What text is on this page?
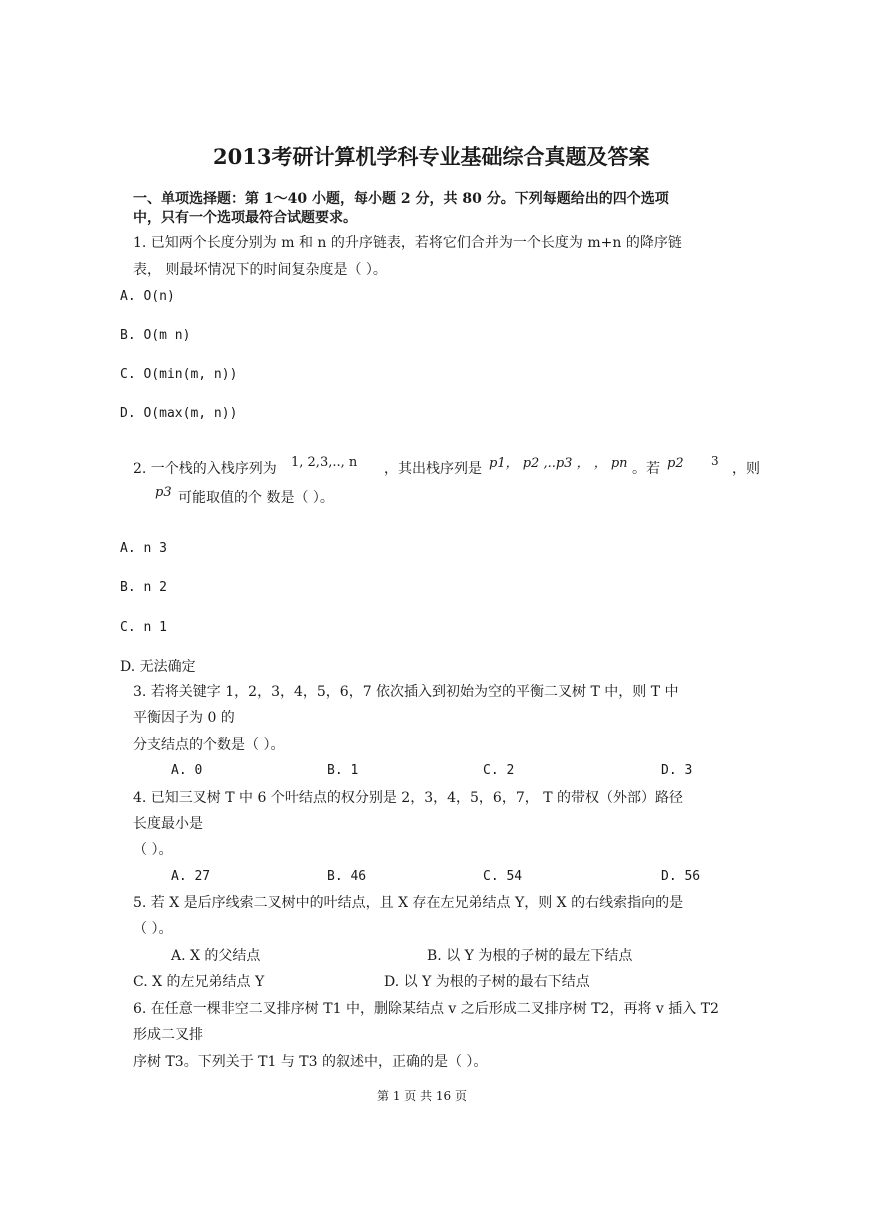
2013考研计算机学科专业基础综合真题及答案
一、单项选择题：第 1～40 小题，每小题 2 分，共 80 分。下列每题给出的四个选项
中，只有一个选项最符合试题要求。
1. 已知两个长度分别为 m 和 n 的升序链表，若将它们合并为一个长度为 m+n 的降序链
表， 则最坏情况下的时间复杂度是（ ）。
A. O(n)
B. O(m n)
C. O(min(m, n))
D. O(max(m, n))
2. 一个栈的入栈序列为 1, 2,3,.., n ，其出栈序列是 p1， p2 ,..p3 ， ， pn 。若 p2 3 ，则
p3 可能取值的个 数是（ ）。
A. n 3
B. n 2
C. n 1
D. 无法确定
3. 若将关键字 1，2，3，4，5，6，7 依次插入到初始为空的平衡二叉树 T 中，则 T 中
平衡因子为 0 的
分支结点的个数是（ ）。
A. 0	B. 1	C. 2	D. 3
4. 已知三叉树 T 中 6 个叶结点的权分别是 2，3，4，5，6，7， T 的带权（外部）路径
长度最小是
（ ）。
A. 27	B. 46	C. 54	D. 56
5. 若 X 是后序线索二叉树中的叶结点，且 X 存在左兄弟结点 Y，则 X 的右线索指向的是
（ ）。
A. X 的父结点	B. 以 Y 为根的子树的最左下结点
C. X 的左兄弟结点 Y	D. 以 Y 为根的子树的最右下结点
6. 在任意一棵非空二叉排序树 T1 中，删除某结点 v 之后形成二叉排序树 T2，再将 v 插入 T2
形成二叉排
序树 T3。下列关于 T1 与 T3 的叙述中，正确的是（ ）。
第 1 页 共 16 页
